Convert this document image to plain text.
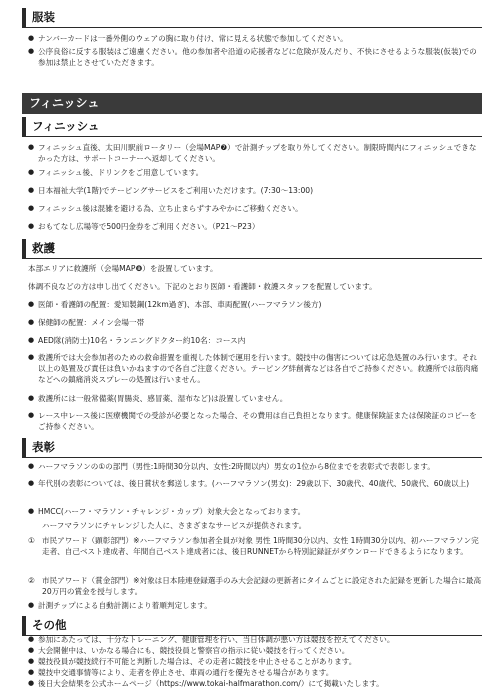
服装
● ナンバーカードは一番外側のウェアの胸に取り付け、常に見える状態で参加してください。
● 公序良俗に反する服装はご遠慮ください。他の参加者や沿道の応援者などに危険が及んだり、不快にさせるような服装(仮装)での参加は禁止とさせていただきます。
フィニッシュ
フィニッシュ
● フィニッシュ直後、太田川駅前ロータリー（会場MAP❼）で計測チップを取り外してください。制限時間内にフィニッシュできなかった方は、サポートコーナーへ返却してください。
● フィニッシュ後、ドリンクをご用意しています。
● 日本福祉大学(1階)でテーピングサービスをご利用いただけます。(7:30～13:00)
● フィニッシュ後は混雑を避ける為、立ち止まらずすみやかにご移動ください。
● おもてなし広場等で500円金券をご利用ください。（P21～P23）
救護
本部エリアに救護所（会場MAP❽）を設置しています。
体調不良などの方は申し出てください。下記のとおり医師・看護師・救護スタッフを配置しています。
● 医師・看護師の配置：愛知製鋼(12km過ぎ)、本部、車両配置(ハーフマラソン後方)
● 保健師の配置：メイン会場一帯
● AED隊(消防士)10名・ランニングドクター約10名：コース内
● 救護所では大会参加者のための救命措置を重視した体制で運用を行います。競技中の傷害については応急処置のみ行います。それ以上の処置及び責任は負いかねますので各自ご注意ください。テーピング絆創膏などは各自でご持参ください。救護所では筋肉痛などへの鎮痛消炎スプレーの処置は行いません。
● 救護所には一般常備薬(胃腸炎、感冒薬、湿布など)は設置していません。
● レース中レース後に医療機関での受診が必要となった場合、その費用は自己負担となります。健康保険証または保険証のコピーをご持参ください。
表彰
● ハーフマラソンの①の部門（男性:1時間30分以内、女性:2時間以内）男女の1位から8位までを表彰式で表彰します。
● 年代別の表彰については、後日賞状を郵送します。(ハーフマラソン(男女)：29歳以下、30歳代、40歳代、50歳代、60歳以上)
● HMCC(ハーフ・マラソン・チャレンジ・カップ）対象大会となっております。
ハーフマラソンにチャレンジした人に、さまざまなサービスが提供されます。
① 市民アワード（顕彰部門）※ハーフマラソン参加者全員が対象 男性 1時間30分以内、女性 1時間30分以内、初ハーフマラソン完走者、自己ベスト達成者、年間自己ベスト達成者には、後日RUNNETから特別記録証がダウンロードできるようになります。
② 市民アワード（賞金部門）※対象は日本陸連登録選手のみ大会記録の更新者にタイムごとに設定された記録を更新した場合に最高20万円の賞金を授与します。
● 計測チップによる自動計測により着順判定します。
その他
● 参加にあたっては、十分なトレーニング、健康管理を行い、当日体調が悪い方は競技を控えてください。
● 大会開催中は、いかなる場合にも、競技役員と警察官の指示に従い競技を行ってください。
● 競技役員が競技続行不可能と判断した場合は、その走者に競技を中止させることがあります。
● 競技中交通事情等により、走者を停止させ、車両の通行を優先させる場合があります。
● 後日大会結果を公式ホームページ（https://www.tokai-halfmarathon.com/）にて掲載いたします。
